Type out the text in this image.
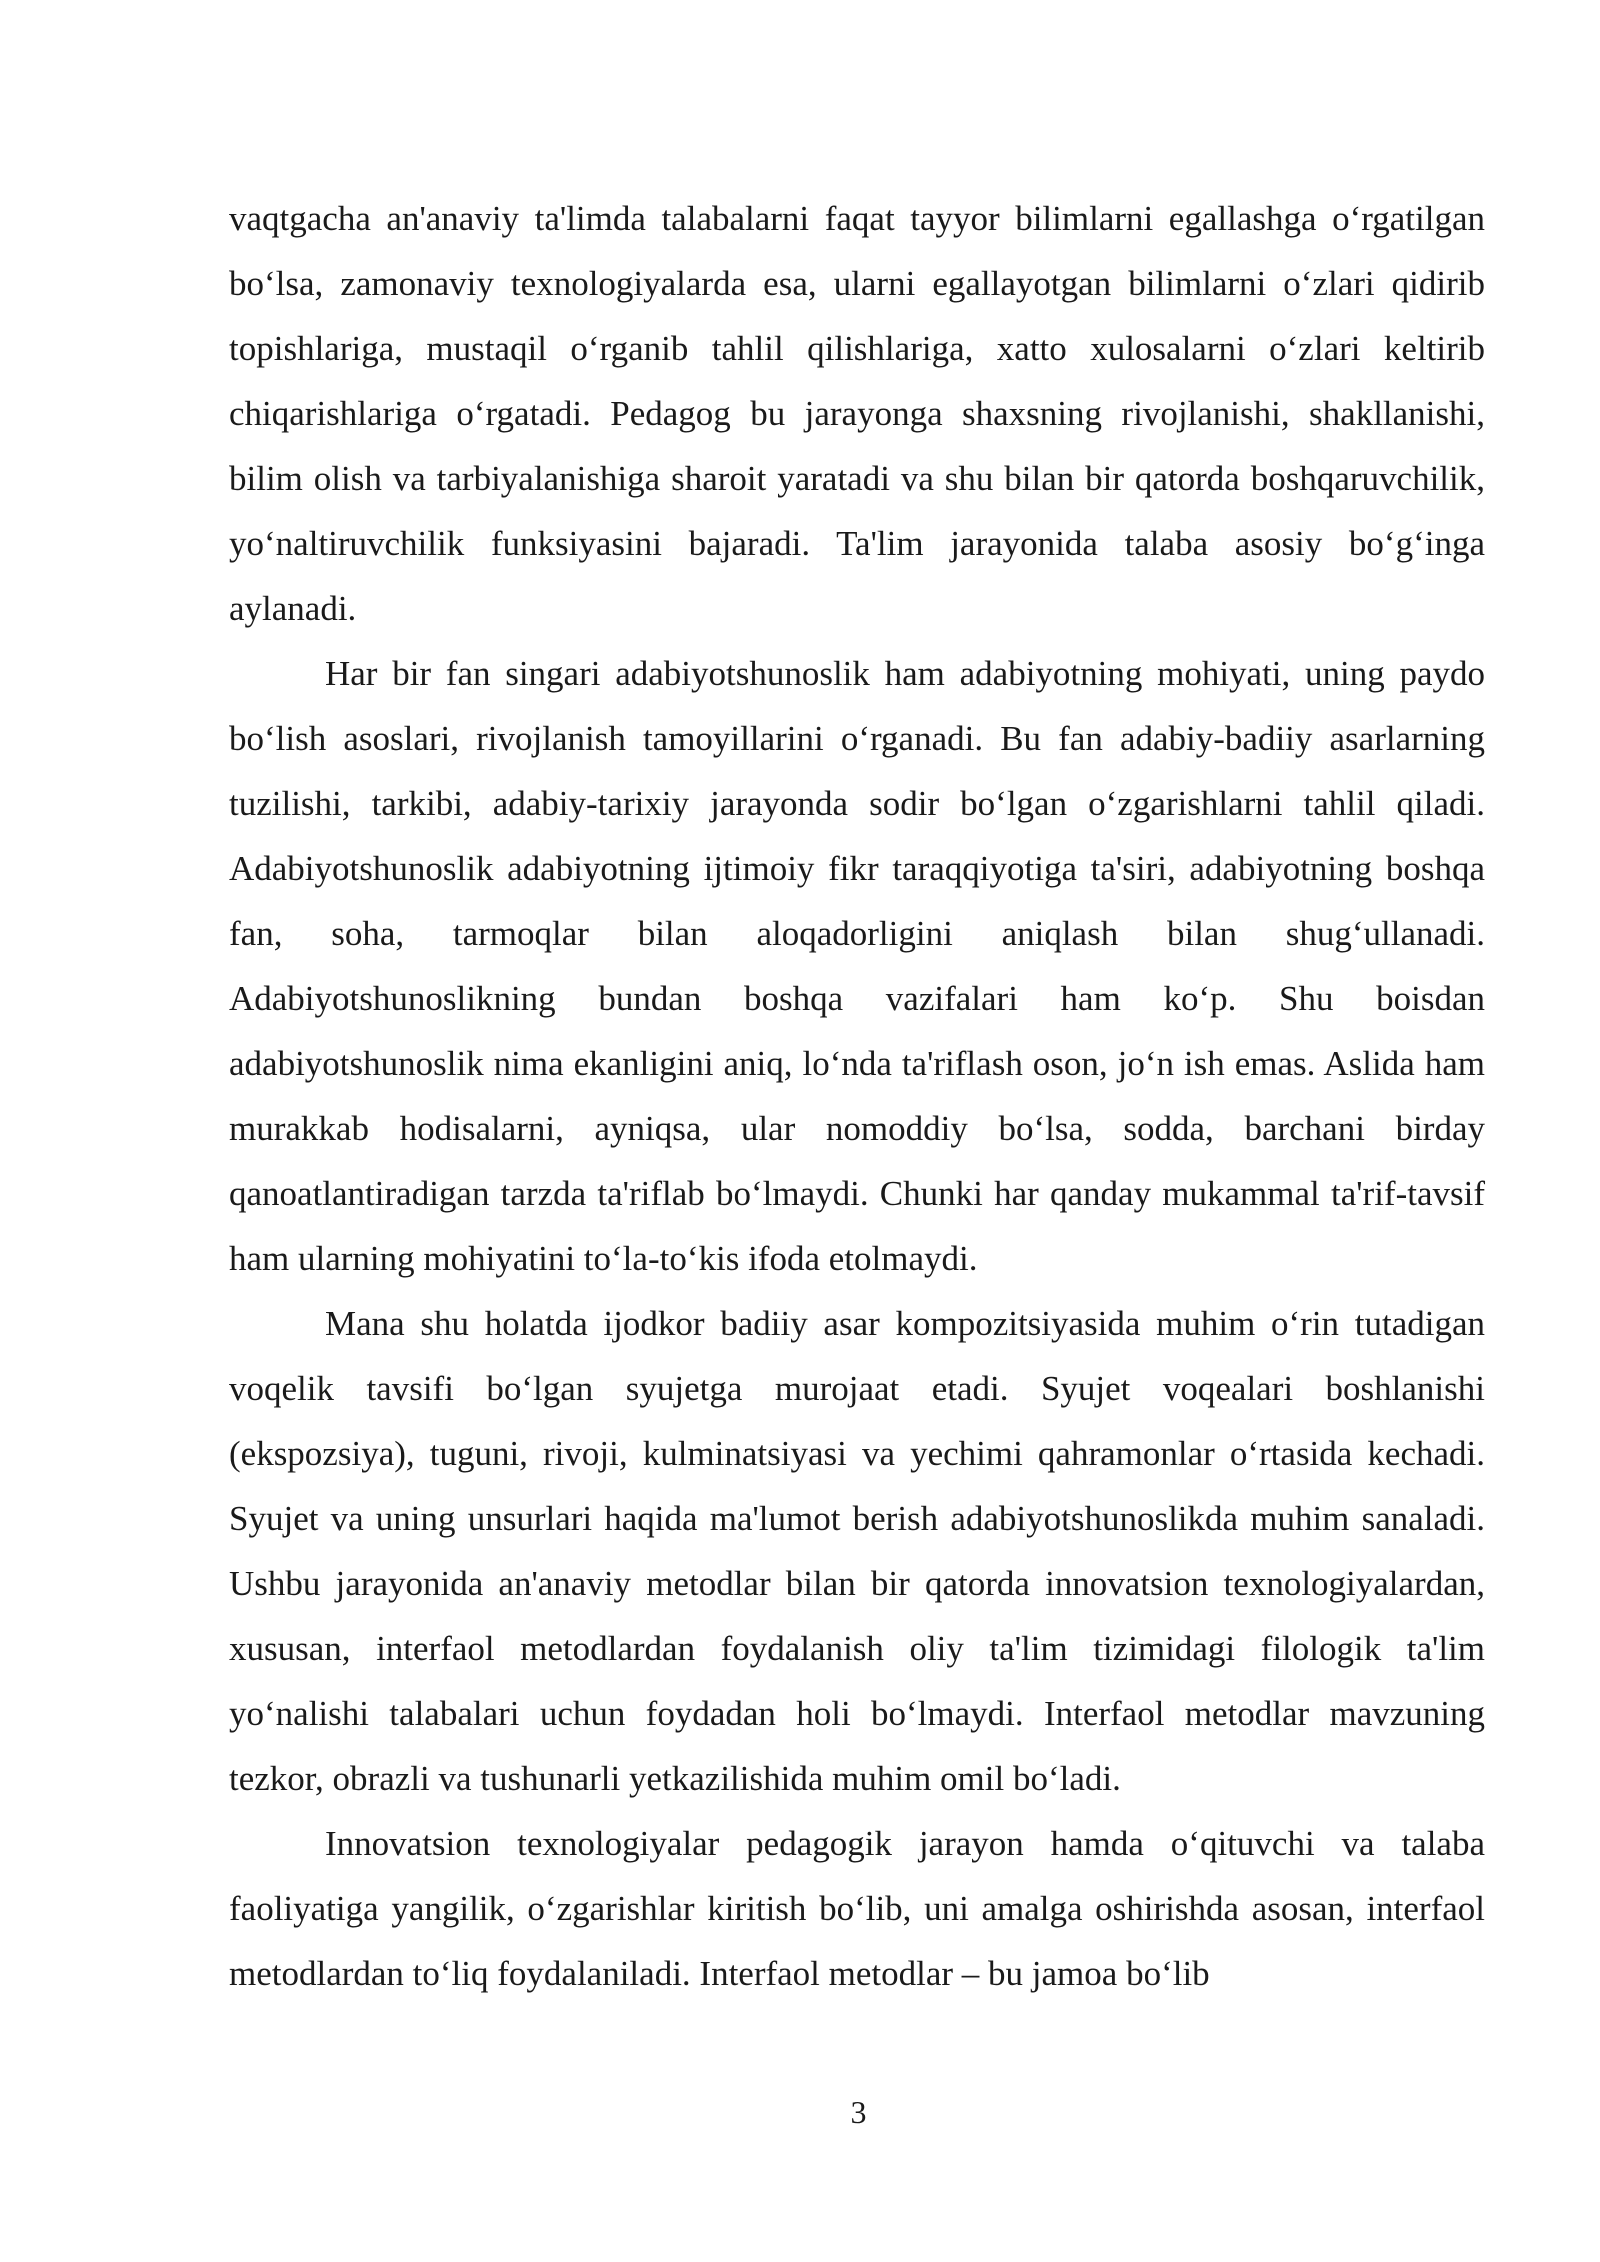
vaqtgacha an'anaviy ta'limda talabalarni faqat tayyor bilimlarni egallashga o‘rgatilgan bo‘lsa, zamonaviy texnologiyalarda esa, ularni egallayotgan bilimlarni o‘zlari qidirib topishlariga, mustaqil o‘rganib tahlil qilishlariga, xatto xulosalarni o‘zlari keltirib chiqarishlariga o‘rgatadi. Pedagog bu jarayonga shaxsning rivojlanishi, shakllanishi, bilim olish va tarbiyalanishiga sharoit yaratadi va shu bilan bir qatorda boshqaruvchilik, yo‘naltiruvchilik funksiyasini bajaradi. Ta'lim jarayonida talaba asosiy bo‘g‘inga aylanadi.

Har bir fan singari adabiyotshunoslik ham adabiyotning mohiyati, uning paydo bo‘lish asoslari, rivojlanish tamoyillarini o‘rganadi. Bu fan adabiy-badiiy asarlarning tuzilishi, tarkibi, adabiy-tarixiy jarayonda sodir bo‘lgan o‘zgarishlarni tahlil qiladi. Adabiyotshunoslik adabiyotning ijtimoiy fikr taraqqiyotiga ta'siri, adabiyotning boshqa fan, soha, tarmoqlar bilan aloqadorligini aniqlash bilan shug‘ullanadi. Adabiyotshunoslikning bundan boshqa vazifalari ham ko‘p. Shu boisdan adabiyotshunoslik nima ekanligini aniq, lo‘nda ta'riflash oson, jo‘n ish emas. Aslida ham murakkab hodisalarni, ayniqsa, ular nomoddiy bo‘lsa, sodda, barchani birday qanoatlantiradigan tarzda ta'riflab bo‘lmaydi. Chunki har qanday mukammal ta'rif-tavsif ham ularning mohiyatini to‘la-to‘kis ifoda etolmaydi.

Mana shu holatda ijodkor badiiy asar kompozitsiyasida muhim o‘rin tutadigan voqelik tavsifi bo‘lgan syujetga murojaat etadi. Syujet voqealari boshlanishi (ekspozsiya), tuguni, rivoji, kulminatsiyasi va yechimi qahramonlar o‘rtasida kechadi. Syujet va uning unsurlari haqida ma'lumot berish adabiyotshunoslikda muhim sanaladi. Ushbu jarayonida an'anaviy metodlar bilan bir qatorda innovatsion texnologiyalardan, xususan, interfaol metodlardan foydalanish oliy ta'lim tizimidagi filologik ta'lim yo‘nalishi talabalari uchun foydadan holi bo‘lmaydi. Interfaol metodlar mavzuning tezkor, obrazli va tushunarli yetkazilishida muhim omil bo‘ladi.

Innovatsion texnologiyalar pedagogik jarayon hamda o‘qituvchi va talaba faoliyatiga yangilik, o‘zgarishlar kiritish bo‘lib, uni amalga oshirishda asosan, interfaol metodlardan to‘liq foydalaniladi. Interfaol metodlar – bu jamoa bo‘lib

3
